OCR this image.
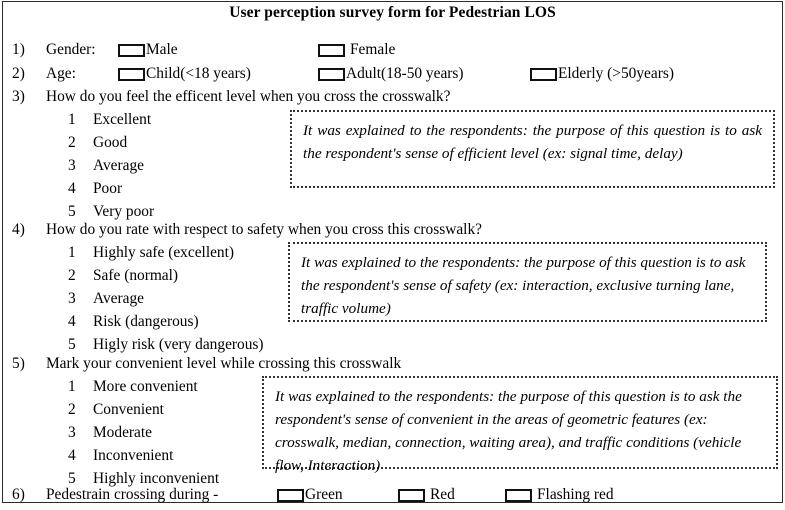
User perception survey form for Pedestrian LOS
1) Gender:	Male	Female
2) Age:	Child(<18 years)	Adult(18-50 years)	Elderly (>50years)
3) How do you feel the efficent level when you cross the crosswalk?
1	Excellent
2	Good
3	Average
4	Poor
5	Very poor
It was explained to the respondents: the purpose of this question is to ask the respondent's sense of efficient level (ex: signal time, delay)
4) How do you rate with respect to safety when you cross this crosswalk?
1	Highly safe (excellent)
2	Safe (normal)
3	Average
4	Risk (dangerous)
5	Higly risk (very dangerous)
It was explained to the respondents: the purpose of this question is to ask the respondent's sense of safety (ex: interaction, exclusive turning lane, traffic volume)
5) Mark your convenient level while crossing this crosswalk
1	More convenient
2	Convenient
3	Moderate
4	Inconvenient
5	Highly inconvenient
It was explained to the respondents: the purpose of this question is to ask the respondent's sense of convenient in the areas of geometric features (ex: crosswalk, median, connection, waiting area), and traffic conditions (vehicle flow, Interaction)
6) Pedestrain crossing during -	Green	Red	Flashing red
